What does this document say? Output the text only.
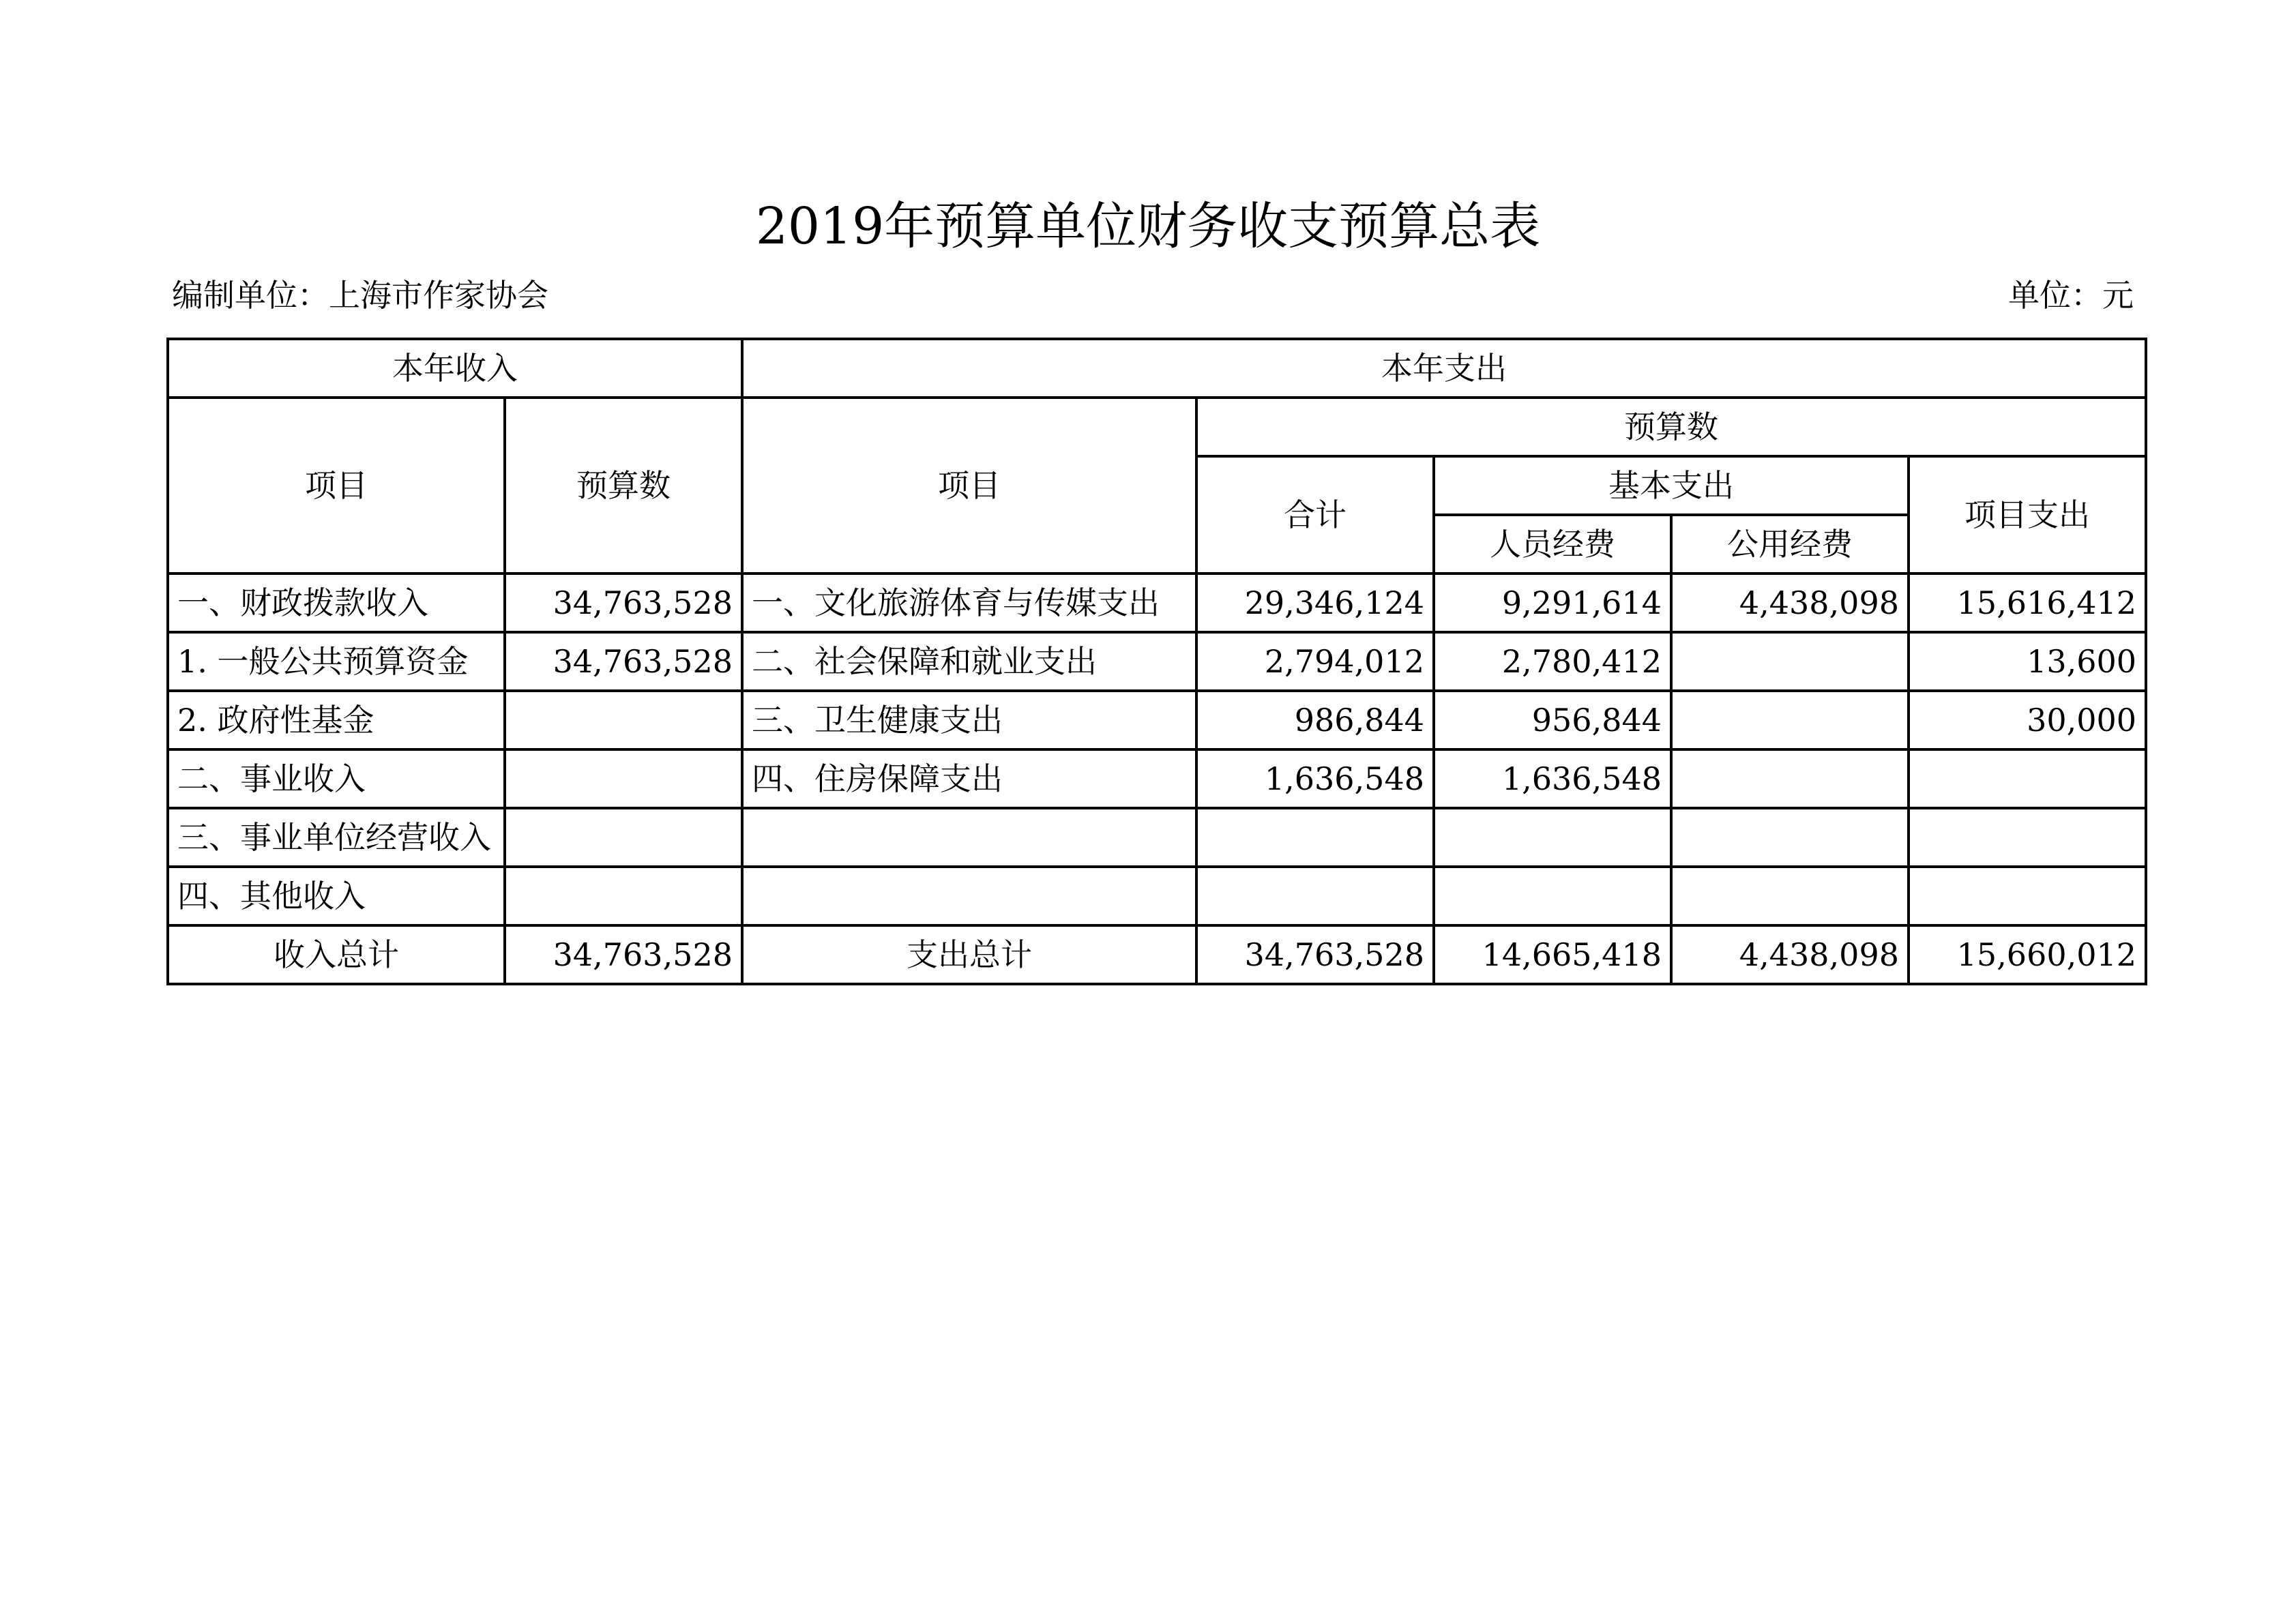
2019年预算单位财务收支预算总表
编制单位：上海市作家协会	单位：元
本年收入		本年支出				
项目	预算数	项目	预算数			
			合计	基本支出		项目支出
				人员经费	公用经费	
一、财政拨款收入	34,763,528	一、文化旅游体育与传媒支出	29,346,124	9,291,614	4,438,098	15,616,412
1. 一般公共预算资金	34,763,528	二、社会保障和就业支出	2,794,012	2,780,412		13,600
2. 政府性基金		三、卫生健康支出	986,844	956,844		30,000
二、事业收入		四、住房保障支出	1,636,548	1,636,548		
三、事业单位经营收入						
四、其他收入						
收入总计	34,763,528	支出总计	34,763,528	14,665,418	4,438,098	15,660,012
